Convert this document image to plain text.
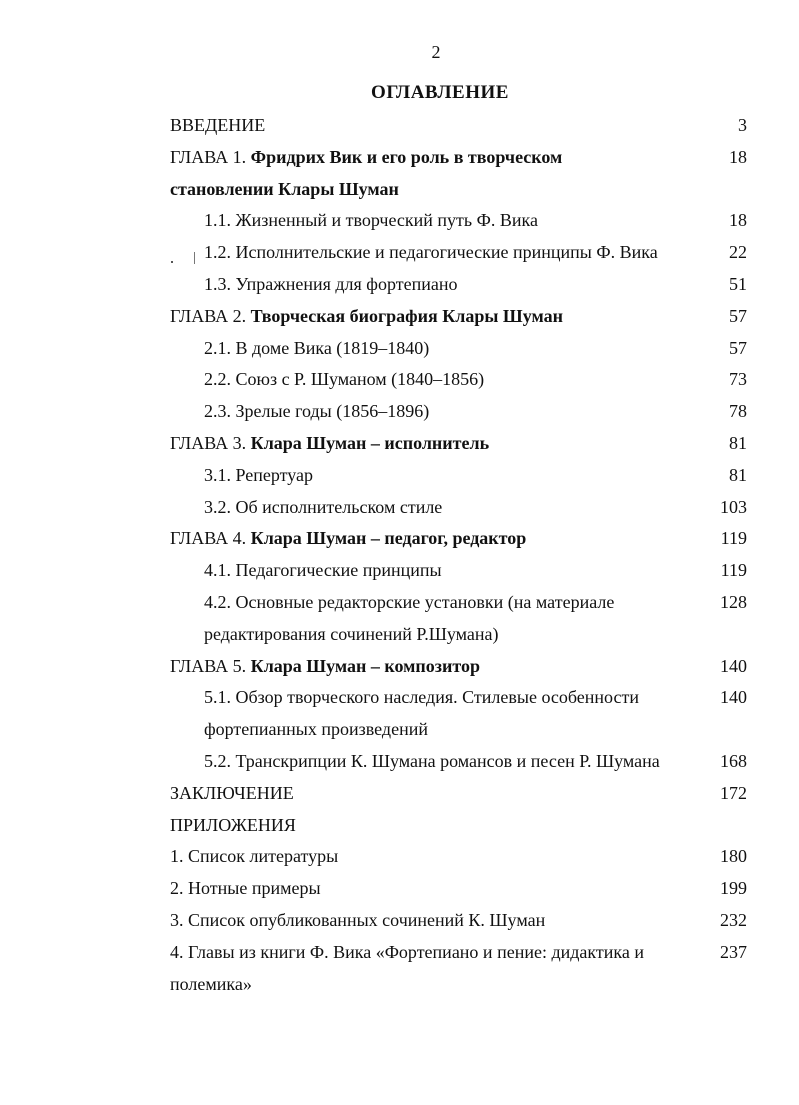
2
ОГЛАВЛЕНИЕ
ВВЕДЕНИЕ	3
ГЛАВА 1. Фридрих Вик и его роль в творческом	18
становлении Клары Шуман
1.1. Жизненный и творческий путь Ф. Вика	18
1.2. Исполнительские и педагогические принципы Ф. Вика	22
1.3. Упражнения для фортепиано	51
ГЛАВА 2. Творческая биография Клары Шуман	57
2.1. В доме Вика (1819–1840)	57
2.2. Союз с Р. Шуманом (1840–1856)	73
2.3. Зрелые годы (1856–1896)	78
ГЛАВА 3. Клара Шуман – исполнитель	81
3.1. Репертуар	81
3.2. Об исполнительском стиле	103
ГЛАВА 4. Клара Шуман – педагог, редактор	119
4.1. Педагогические принципы	119
4.2. Основные редакторские установки (на материале	128
редактирования сочинений Р.Шумана)
ГЛАВА 5. Клара Шуман – композитор	140
5.1. Обзор творческого наследия. Стилевые особенности	140
фортепианных произведений
5.2. Транскрипции К. Шумана романсов и песен Р. Шумана	168
ЗАКЛЮЧЕНИЕ	172
ПРИЛОЖЕНИЯ
1. Список литературы	180
2. Нотные примеры	199
3. Список опубликованных сочинений К. Шуман	232
4. Главы из книги Ф. Вика «Фортепиано и пение: дидактика и	237
полемика»
